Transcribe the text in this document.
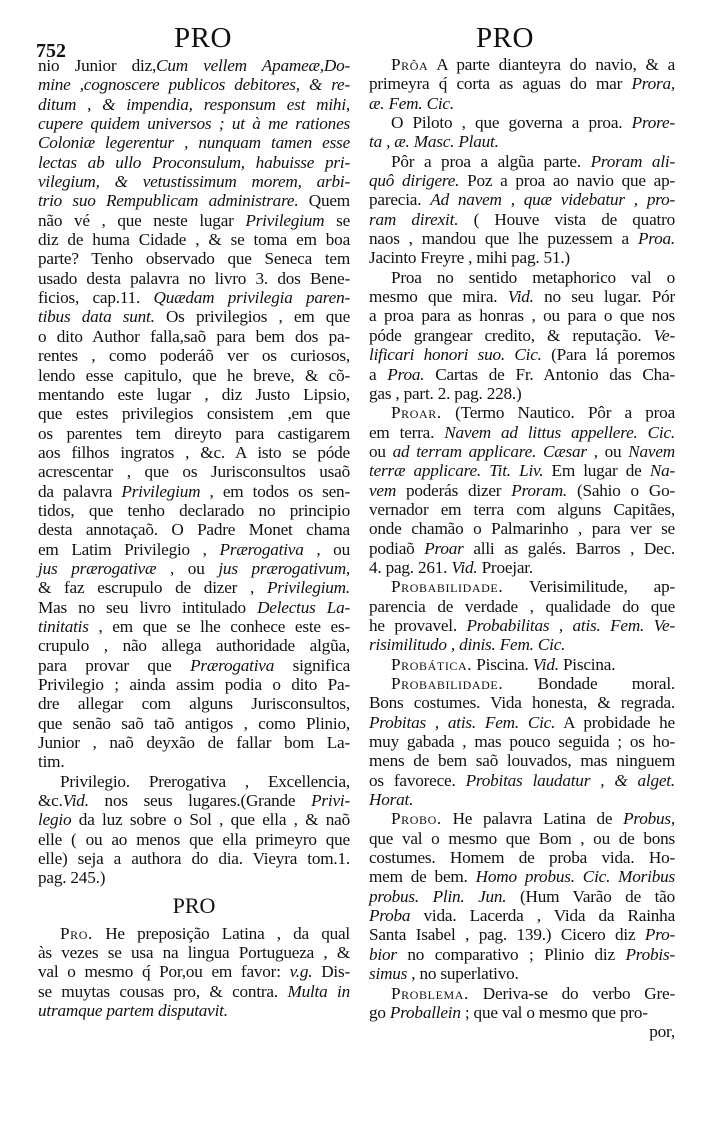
752	PRO	PRO
nio Junior diz,Cum vellem Apameæ,Do-
mine ,cognoscere publicos debitores, & re-
ditum , & impendia, responsum est mihi,
cupere quidem universos ; ut à me rationes
Coloniæ legerentur , nunquam tamen esse
lectas ab ullo Proconsulum, habuisse pri-
vilegium, & vetustissimum morem, arbi-
trio suo Rempublicam administrare. Quem
não vé , que neste lugar Privilegium se
diz de huma Cidade , & se toma em boa
parte? Tenho observado que Seneca tem
usado desta palavra no livro 3. dos Bene-
ficios, cap.11. Quædam privilegia paren-
tibus data sunt. Os privilegios , em que
o dito Author falla,saõ para bem dos pa-
rentes , como poderáõ ver os curiosos,
lendo esse capitulo, que he breve, & cõ-
mentando este lugar , diz Justo Lipsio,
que estes privilegios consistem ,em que
os parentes tem direyto para castigarem
aos filhos ingratos , &c. A isto se póde
acrescentar , que os Jurisconsultos usaõ
da palavra Privilegium , em todos os sen-
tidos, que tenho declarado no principio
desta annotaçaõ. O Padre Monet chama
em Latim Privilegio , Prærogativa , ou
jus prærogativæ , ou jus prærogativum,
& faz escrupulo de dizer , Privilegium.
Mas no seu livro intitulado Delectus La-
tinitatis , em que se lhe conhece este es-
crupulo , não allega authoridade algũa,
para provar que Prærogativa significa
Privilegio ; ainda assim podia o dito Pa-
dre allegar com alguns Jurisconsultos,
que senão saõ taõ antigos , como Plinio,
Junior , naõ deyxão de fallar bom La-
tim.
Privilegio. Prerogativa , Excellencia,
&c.Vid. nos seus lugares.(Grande Privi-
legio da luz sobre o Sol , que ella , & naõ
elle ( ou ao menos que ella primeyro que
elle) seja a authora do dia. Vieyra tom.1.
pag. 245.)
PRO
Pro. He preposição Latina , da qual
às vezes se usa na lingua Portugueza , &
val o mesmo q́ Por,ou em favor: v.g. Dis-
se muytas cousas pro, & contra. Multa in
utramque partem disputavit.
Prôa A parte dianteyra do navio, & a
primeyra q́ corta as aguas do mar Prora,
æ. Fem. Cic.
O Piloto , que governa a proa. Prore-
ta , æ. Masc. Plaut.
Pôr a proa a algũa parte. Proram ali-
quô dirigere. Poz a proa ao navio que ap-
parecia. Ad navem , quæ videbatur , pro-
ram direxit. ( Houve vista de quatro
naos , mandou que lhe puzessem a Proa.
Jacinto Freyre , mihi pag. 51.)
Proa no sentido metaphorico val o
mesmo que mira. Vid. no seu lugar. Pór
a proa para as honras , ou para o que nos
póde grangear credito, & reputação. Ve-
lificari honori suo. Cic. (Para lá poremos
a Proa. Cartas de Fr. Antonio das Cha-
gas , part. 2. pag. 228.)
Proar. (Termo Nautico. Pôr a proa
em terra. Navem ad littus appellere. Cic.
ou ad terram applicare. Cæsar , ou Navem
terræ applicare. Tit. Liv. Em lugar de Na-
vem poderás dizer Proram. (Sahio o Go-
vernador em terra com alguns Capitães,
onde chamão o Palmarinho , para ver se
podiaõ Proar alli as galés. Barros , Dec.
4. pag. 261. Vid. Proejar.
Probabilidade. Verisimilitude, ap-
parencia de verdade , qualidade do que
he provavel. Probabilitas , atis. Fem. Ve-
risimilitudo , dinis. Fem. Cic.
Probática. Piscina. Vid. Piscina.
Probabilidade. Bondade moral.
Bons costumes. Vida honesta, & regrada.
Probitas , atis. Fem. Cic. A probidade he
muy gabada , mas pouco seguida ; os ho-
mens de bem saõ louvados, mas ninguem
os favorece. Probitas laudatur , & alget.
Horat.
Probo. He palavra Latina de Probus,
que val o mesmo que Bom , ou de bons
costumes. Homem de proba vida. Ho-
mem de bem. Homo probus. Cic. Moribus
probus. Plin. Jun. (Hum Varão de tão
Proba vida. Lacerda , Vida da Rainha
Santa Isabel , pag. 139.) Cicero diz Pro-
bior no comparativo ; Plinio diz Probis-
simus , no superlativo.
Problema. Deriva-se do verbo Gre-
go Proballein ; que val o mesmo que pro-
por,
